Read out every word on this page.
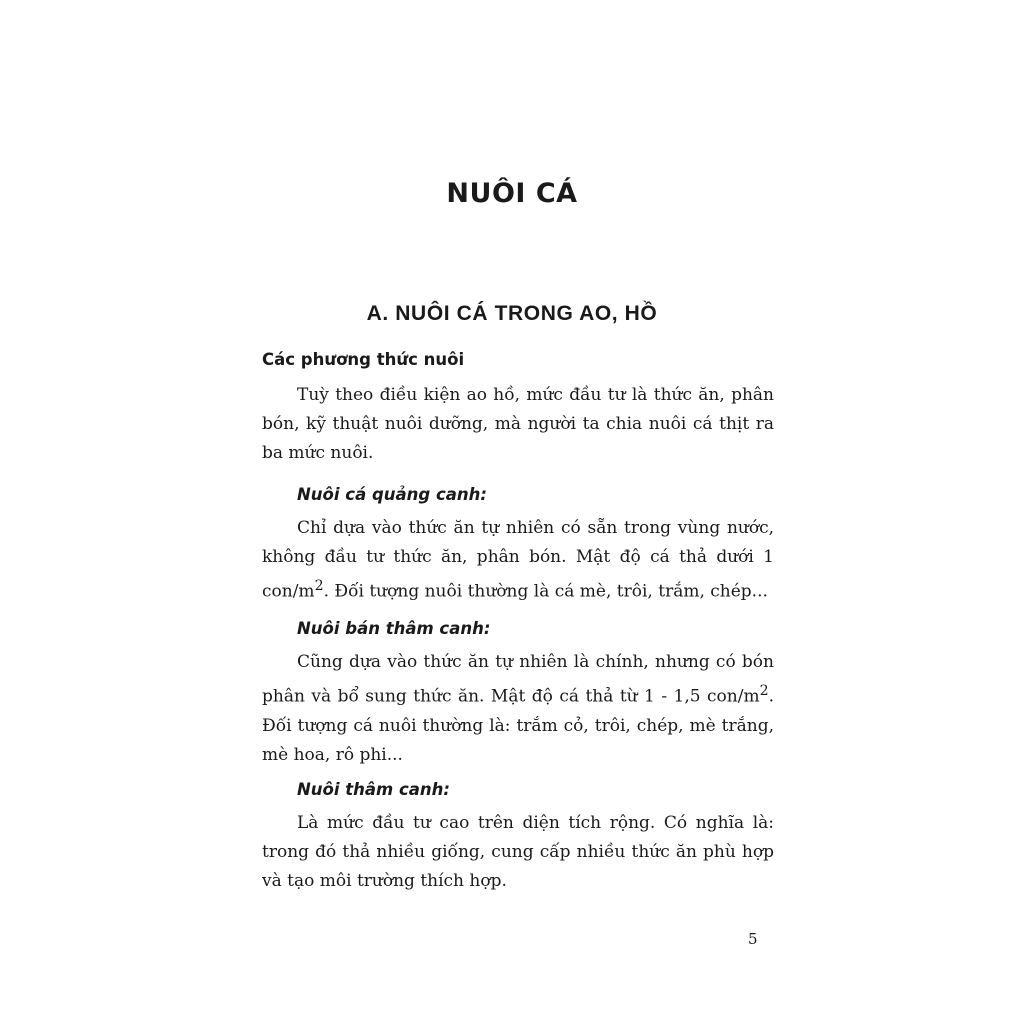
NUÔI CÁ
A. NUÔI CÁ TRONG AO, HỒ
Các phương thức nuôi

Tuỳ theo điều kiện ao hồ, mức đầu tư là thức ăn, phân bón, kỹ thuật nuôi dưỡng, mà người ta chia nuôi cá thịt ra ba mức nuôi.

Nuôi cá quảng canh:

Chỉ dựa vào thức ăn tự nhiên có sẵn trong vùng nước, không đầu tư thức ăn, phân bón. Mật độ cá thả dưới 1 con/$m^2$. Đối tượng nuôi thường là cá mè, trôi, trắm, chép...

Nuôi bán thâm canh:

Cũng dựa vào thức ăn tự nhiên là chính, nhưng có bón phân và bổ sung thức ăn. Mật độ cá thả từ 1 - 1,5 con/$m^2$. Đối tượng cá nuôi thường là: trắm cỏ, trôi, chép, mè trắng, mè hoa, rô phi...

Nuôi thâm canh:

Là mức đầu tư cao trên diện tích rộng. Có nghĩa là: trong đó thả nhiều giống, cung cấp nhiều thức ăn phù hợp và tạo môi trường thích hợp.

5
